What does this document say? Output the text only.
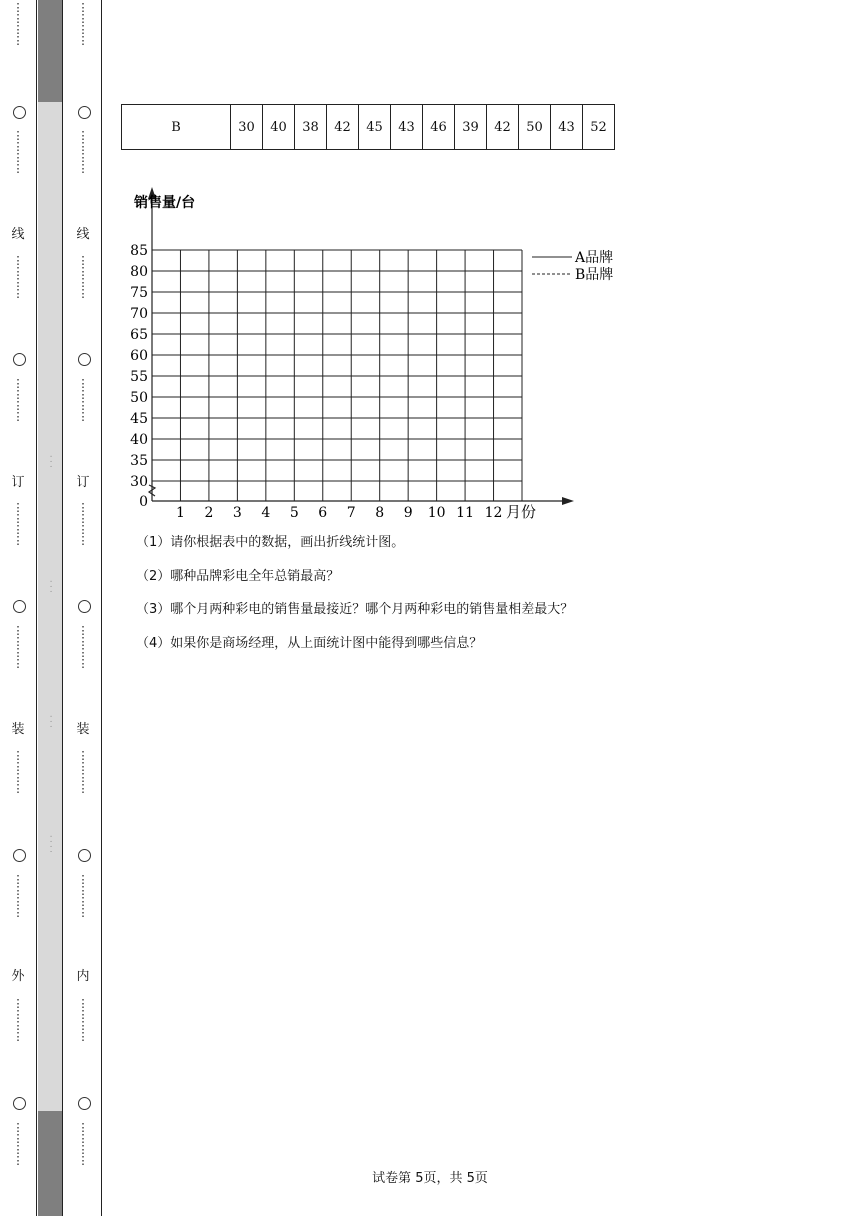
⋮
⋮
⋮
⋮
⋮
⋮
⋮
⋮
线
⋮
⋮
⋮
⋮
⋮
⋮
⋮
⋮
订
⋮
⋮
⋮
⋮
⋮
⋮
⋮
⋮
装
⋮
⋮
⋮
⋮
⋮
⋮
⋮
⋮
外
⋮
⋮
⋮
⋮
⋮
⋮
⋮
⋮
· · ·
· · ·
· · ·
· · · ·
⋮
⋮
⋮
⋮
⋮
⋮
⋮
⋮
线
⋮
⋮
⋮
⋮
⋮
⋮
⋮
⋮
订
⋮
⋮
⋮
⋮
⋮
⋮
⋮
⋮
装
⋮
⋮
⋮
⋮
⋮
⋮
⋮
⋮
内
⋮
⋮
⋮
⋮
⋮
⋮
⋮
⋮
B	30	40	38	42	45	43	46	39	42	50	43	52
85
80
75
70
65
60
55
50
45
40
35
30
0
1 2 3 4 5 6 7 8 9 10 11 12
销售量/台
月份
A品牌
B品牌
（1）请你根据表中的数据，画出折线统计图。
（2）哪种品牌彩电全年总销最高？
（3）哪个月两种彩电的销售量最接近？哪个月两种彩电的销售量相差最大？
（4）如果你是商场经理，从上面统计图中能得到哪些信息？
试卷第 5页，共 5页
